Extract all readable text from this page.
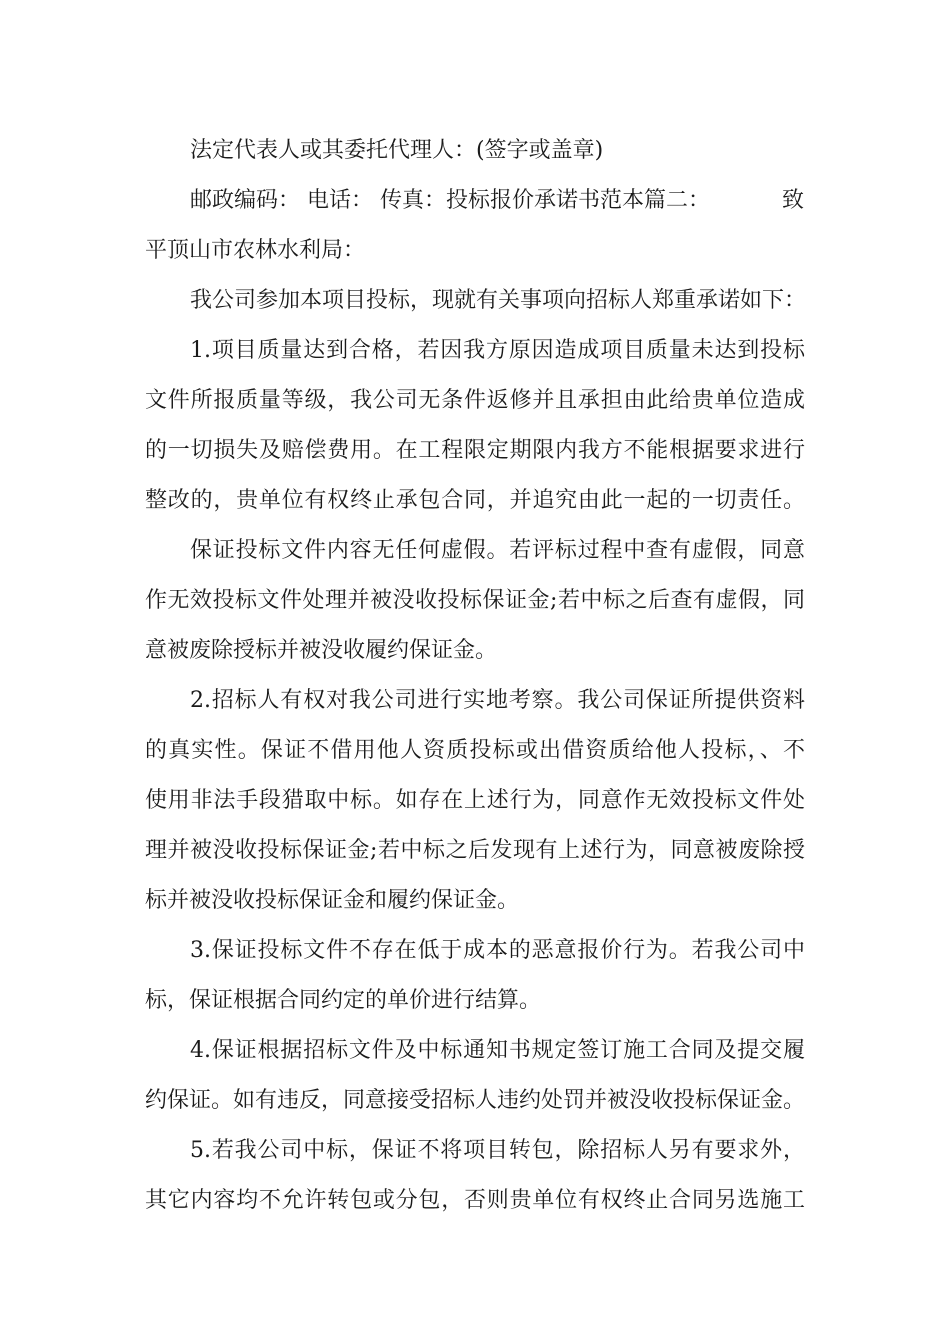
法定代表人或其委托代理人：(签字或盖章)
邮政编码： 电话： 传真：投标报价承诺书范本篇二：	致
平顶山市农林水利局：
我公司参加本项目投标，现就有关事项向招标人郑重承诺如下：
1.项目质量达到合格，若因我方原因造成项目质量未达到投标
文件所报质量等级，我公司无条件返修并且承担由此给贵单位造成
的一切损失及赔偿费用。在工程限定期限内我方不能根据要求进行
整改的，贵单位有权终止承包合同，并追究由此一起的一切责任。
保证投标文件内容无任何虚假。若评标过程中查有虚假，同意
作无效投标文件处理并被没收投标保证金;若中标之后查有虚假，同
意被废除授标并被没收履约保证金。
2.招标人有权对我公司进行实地考察。我公司保证所提供资料
的真实性。保证不借用他人资质投标或出借资质给他人投标，、不
使用非法手段猎取中标。如存在上述行为，同意作无效投标文件处
理并被没收投标保证金;若中标之后发现有上述行为，同意被废除授
标并被没收投标保证金和履约保证金。
3.保证投标文件不存在低于成本的恶意报价行为。若我公司中
标，保证根据合同约定的单价进行结算。
4.保证根据招标文件及中标通知书规定签订施工合同及提交履
约保证。如有违反，同意接受招标人违约处罚并被没收投标保证金。
5.若我公司中标，保证不将项目转包，除招标人另有要求外，
其它内容均不允许转包或分包，否则贵单位有权终止合同另选施工
